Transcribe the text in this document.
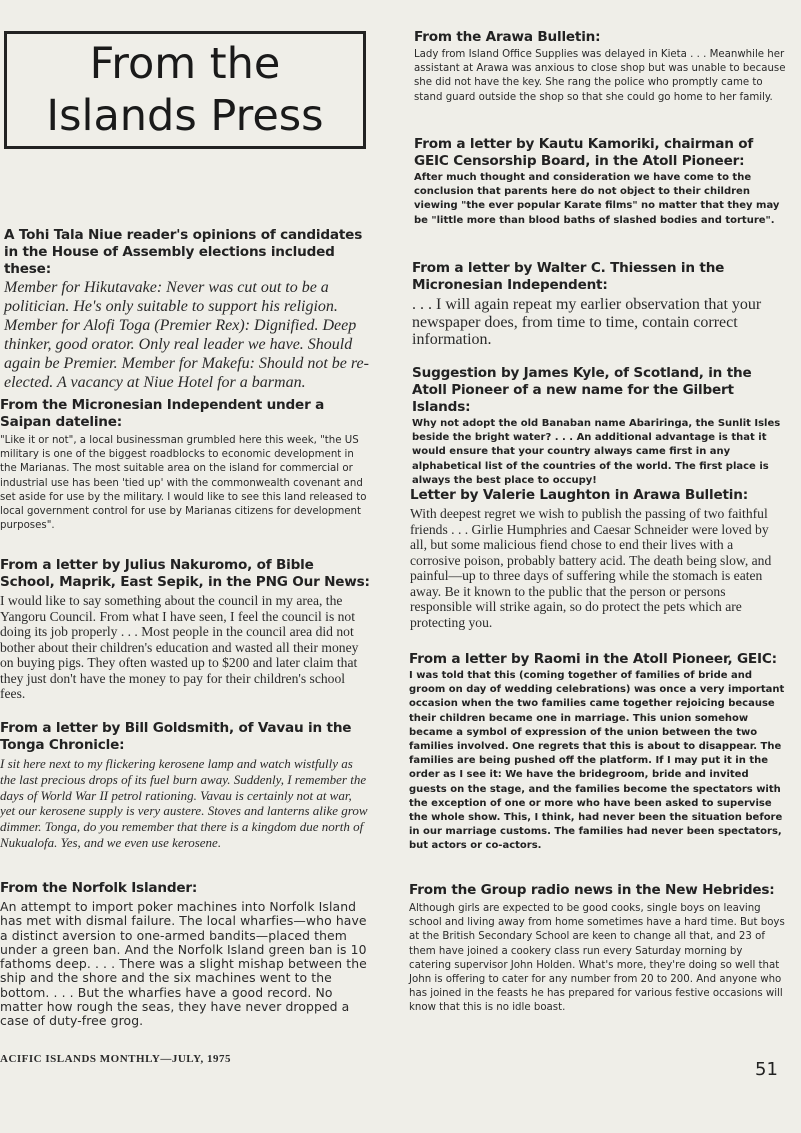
From the
Islands Press

A Tohi Tala Niue reader's opinions of candidates in the House of Assembly elections included these:

Member for Hikutavake: Never was cut out to be a politician. He's only suitable to support his religion. Member for Alofi Toga (Premier Rex): Dignified. Deep thinker, good orator. Only real leader we have. Should again be Premier. Member for Makefu: Should not be re-elected. A vacancy at Niue Hotel for a barman.

From the Micronesian Independent under a Saipan dateline:

"Like it or not", a local businessman grumbled here this week, "the US military is one of the biggest roadblocks to economic development in the Marianas. The most suitable area on the island for commercial or industrial use has been 'tied up' with the commonwealth covenant and set aside for use by the military. I would like to see this land released to local government control for use by Marianas citizens for development purposes".

From a letter by Julius Nakuromo, of Bible School, Maprik, East Sepik, in the PNG Our News:

I would like to say something about the council in my area, the Yangoru Council. From what I have seen, I feel the council is not doing its job properly . . . Most people in the council area did not bother about their children's education and wasted all their money on buying pigs. They often wasted up to $200 and later claim that they just don't have the money to pay for their children's school fees.

From a letter by Bill Goldsmith, of Vavau in the Tonga Chronicle:

I sit here next to my flickering kerosene lamp and watch wistfully as the last precious drops of its fuel burn away. Suddenly, I remember the days of World War II petrol rationing. Vavau is certainly not at war, yet our kerosene supply is very austere. Stoves and lanterns alike grow dimmer. Tonga, do you remember that there is a kingdom due north of Nukualofa. Yes, and we even use kerosene.

From the Norfolk Islander:

An attempt to import poker machines into Norfolk Island has met with dismal failure. The local wharfies—who have a distinct aversion to one-armed bandits—placed them under a green ban. And the Norfolk Island green ban is 10 fathoms deep. . . . There was a slight mishap between the ship and the shore and the six machines went to the bottom. . . . But the wharfies have a good record. No matter how rough the seas, they have never dropped a case of duty-free grog.

From the Arawa Bulletin:

Lady from Island Office Supplies was delayed in Kieta . . . Meanwhile her assistant at Arawa was anxious to close shop but was unable to because she did not have the key. She rang the police who promptly came to stand guard outside the shop so that she could go home to her family.

From a letter by Kautu Kamoriki, chairman of GEIC Censorship Board, in the Atoll Pioneer:

After much thought and consideration we have come to the conclusion that parents here do not object to their children viewing "the ever popular Karate films" no matter that they may be "little more than blood baths of slashed bodies and torture".

From a letter by Walter C. Thiessen in the Micronesian Independent:

. . . I will again repeat my earlier observation that your newspaper does, from time to time, contain correct information.

Suggestion by James Kyle, of Scotland, in the Atoll Pioneer of a new name for the Gilbert Islands:

Why not adopt the old Banaban name Abariringa, the Sunlit Isles beside the bright water? . . . An additional advantage is that it would ensure that your country always came first in any alphabetical list of the countries of the world. The first place is always the best place to occupy!

Letter by Valerie Laughton in Arawa Bulletin:

With deepest regret we wish to publish the passing of two faithful friends . . . Girlie Humphries and Caesar Schneider were loved by all, but some malicious fiend chose to end their lives with a corrosive poison, probably battery acid. The death being slow, and painful—up to three days of suffering while the stomach is eaten away. Be it known to the public that the person or persons responsible will strike again, so do protect the pets which are protecting you.

From a letter by Raomi in the Atoll Pioneer, GEIC:

I was told that this (coming together of families of bride and groom on day of wedding celebrations) was once a very important occasion when the two families came together rejoicing because their children became one in marriage. This union somehow became a symbol of expression of the union between the two families involved. One regrets that this is about to disappear. The families are being pushed off the platform. If I may put it in the order as I see it: We have the bridegroom, bride and invited guests on the stage, and the families become the spectators with the exception of one or more who have been asked to supervise the whole show. This, I think, had never been the situation before in our marriage customs. The families had never been spectators, but actors or co-actors.

From the Group radio news in the New Hebrides:

Although girls are expected to be good cooks, single boys on leaving school and living away from home sometimes have a hard time. But boys at the British Secondary School are keen to change all that, and 23 of them have joined a cookery class run every Saturday morning by catering supervisor John Holden. What's more, they're doing so well that John is offering to cater for any number from 20 to 200. And anyone who has joined in the feasts he has prepared for various festive occasions will know that this is no idle boast.

ACIFIC ISLANDS MONTHLY—JULY, 1975	51
